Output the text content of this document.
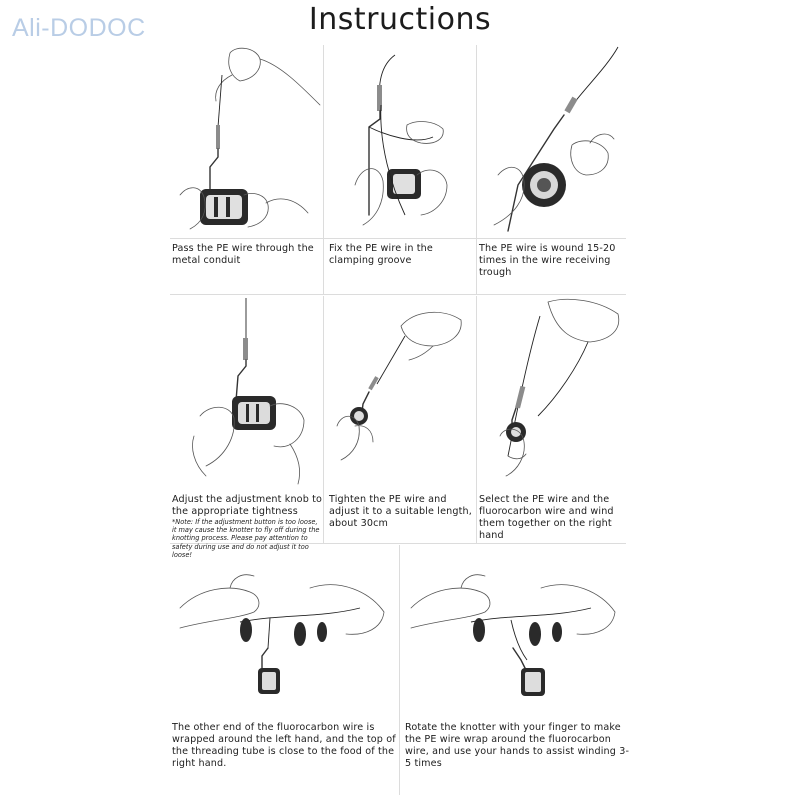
Ali-DODOC	Instructions
Pass the PE wire through the metal conduit
Fix the PE wire in the clamping groove
The PE wire is wound 15-20 times in the wire receiving trough
Adjust the adjustment knob to the appropriate tightness
*Note: If the adjustment button is too loose, it may cause the knotter to fly off during the knotting process. Please pay attention to safety during use and do not adjust it too loose!
Tighten the PE wire and adjust it to a suitable length, about 30cm
Select the PE wire and the fluorocarbon wire and wind them together on the right hand
The other end of the fluorocarbon wire is wrapped around the left hand, and the top of the threading tube is close to the food of the right hand.
Rotate the knotter with your finger to make the PE wire wrap around the fluorocarbon wire, and use your hands to assist winding 3-5 times
